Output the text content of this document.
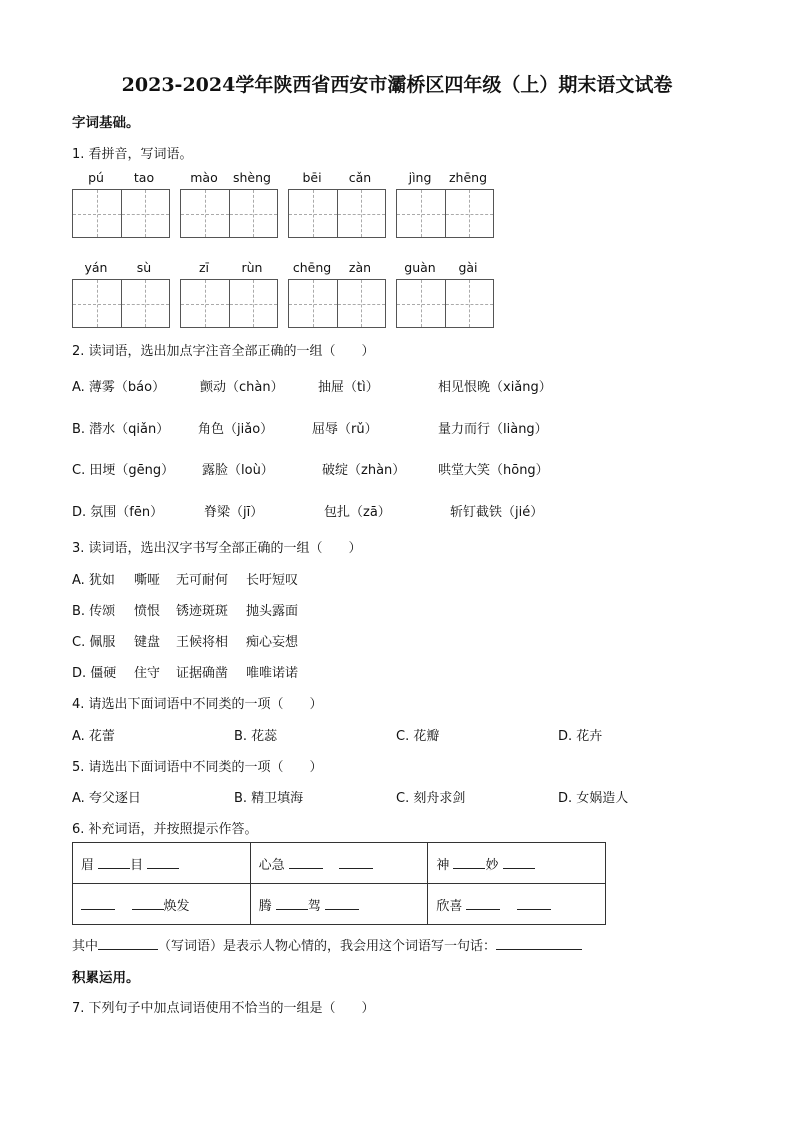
2023-2024学年陕西省西安市灞桥区四年级（上）期末语文试卷
字词基础。
1. 看拼音，写词语。
pú	tao	mào	shèng	bēi	cǎn	jìng	zhēng
yán	sù	zī	rùn	chēng	zàn	guàn	gài
2. 读词语，选出加点字注音全部正确的一组（　　）
A. 薄雾（báo）	颤动（chàn）	抽屉（tì）	相见恨晚（xiǎng）
B. 潜水（qiǎn） 角色（jiǎo）	屈辱（rǔ）	量力而行（liàng）
C. 田埂（gēng） 露脸（loù）	破绽（zhàn）	哄堂大笑（hōng）
D. 氛围（fēn）	脊梁（jī）	包扎（zā）	斩钉截铁（jié）
3. 读词语，选出汉字书写全部正确的一组（　　）
A. 犹如 嘶哑 无可耐何 长吁短叹
B. 传颂 愤恨 锈迹斑斑 抛头露面
C. 佩服 键盘 王候将相 痴心妄想
D. 僵硬 住守 证据确凿 唯唯诺诺
4. 请选出下面词语中不同类的一项（　　）
A. 花蕾	B. 花蕊	C. 花瓣	D. 花卉
5. 请选出下面词语中不同类的一项（　　）
A. 夸父逐日	B. 精卫填海	C. 刻舟求剑	D. 女娲造人
6. 补充词语，并按照提示作答。
眉 目	心急	神 妙
焕发	腾 驾	欣喜
其中	（写词语）是表示人物心情的，我会用这个词语写一句话：
积累运用。
7. 下列句子中加点词语使用不恰当的一组是（　　）
